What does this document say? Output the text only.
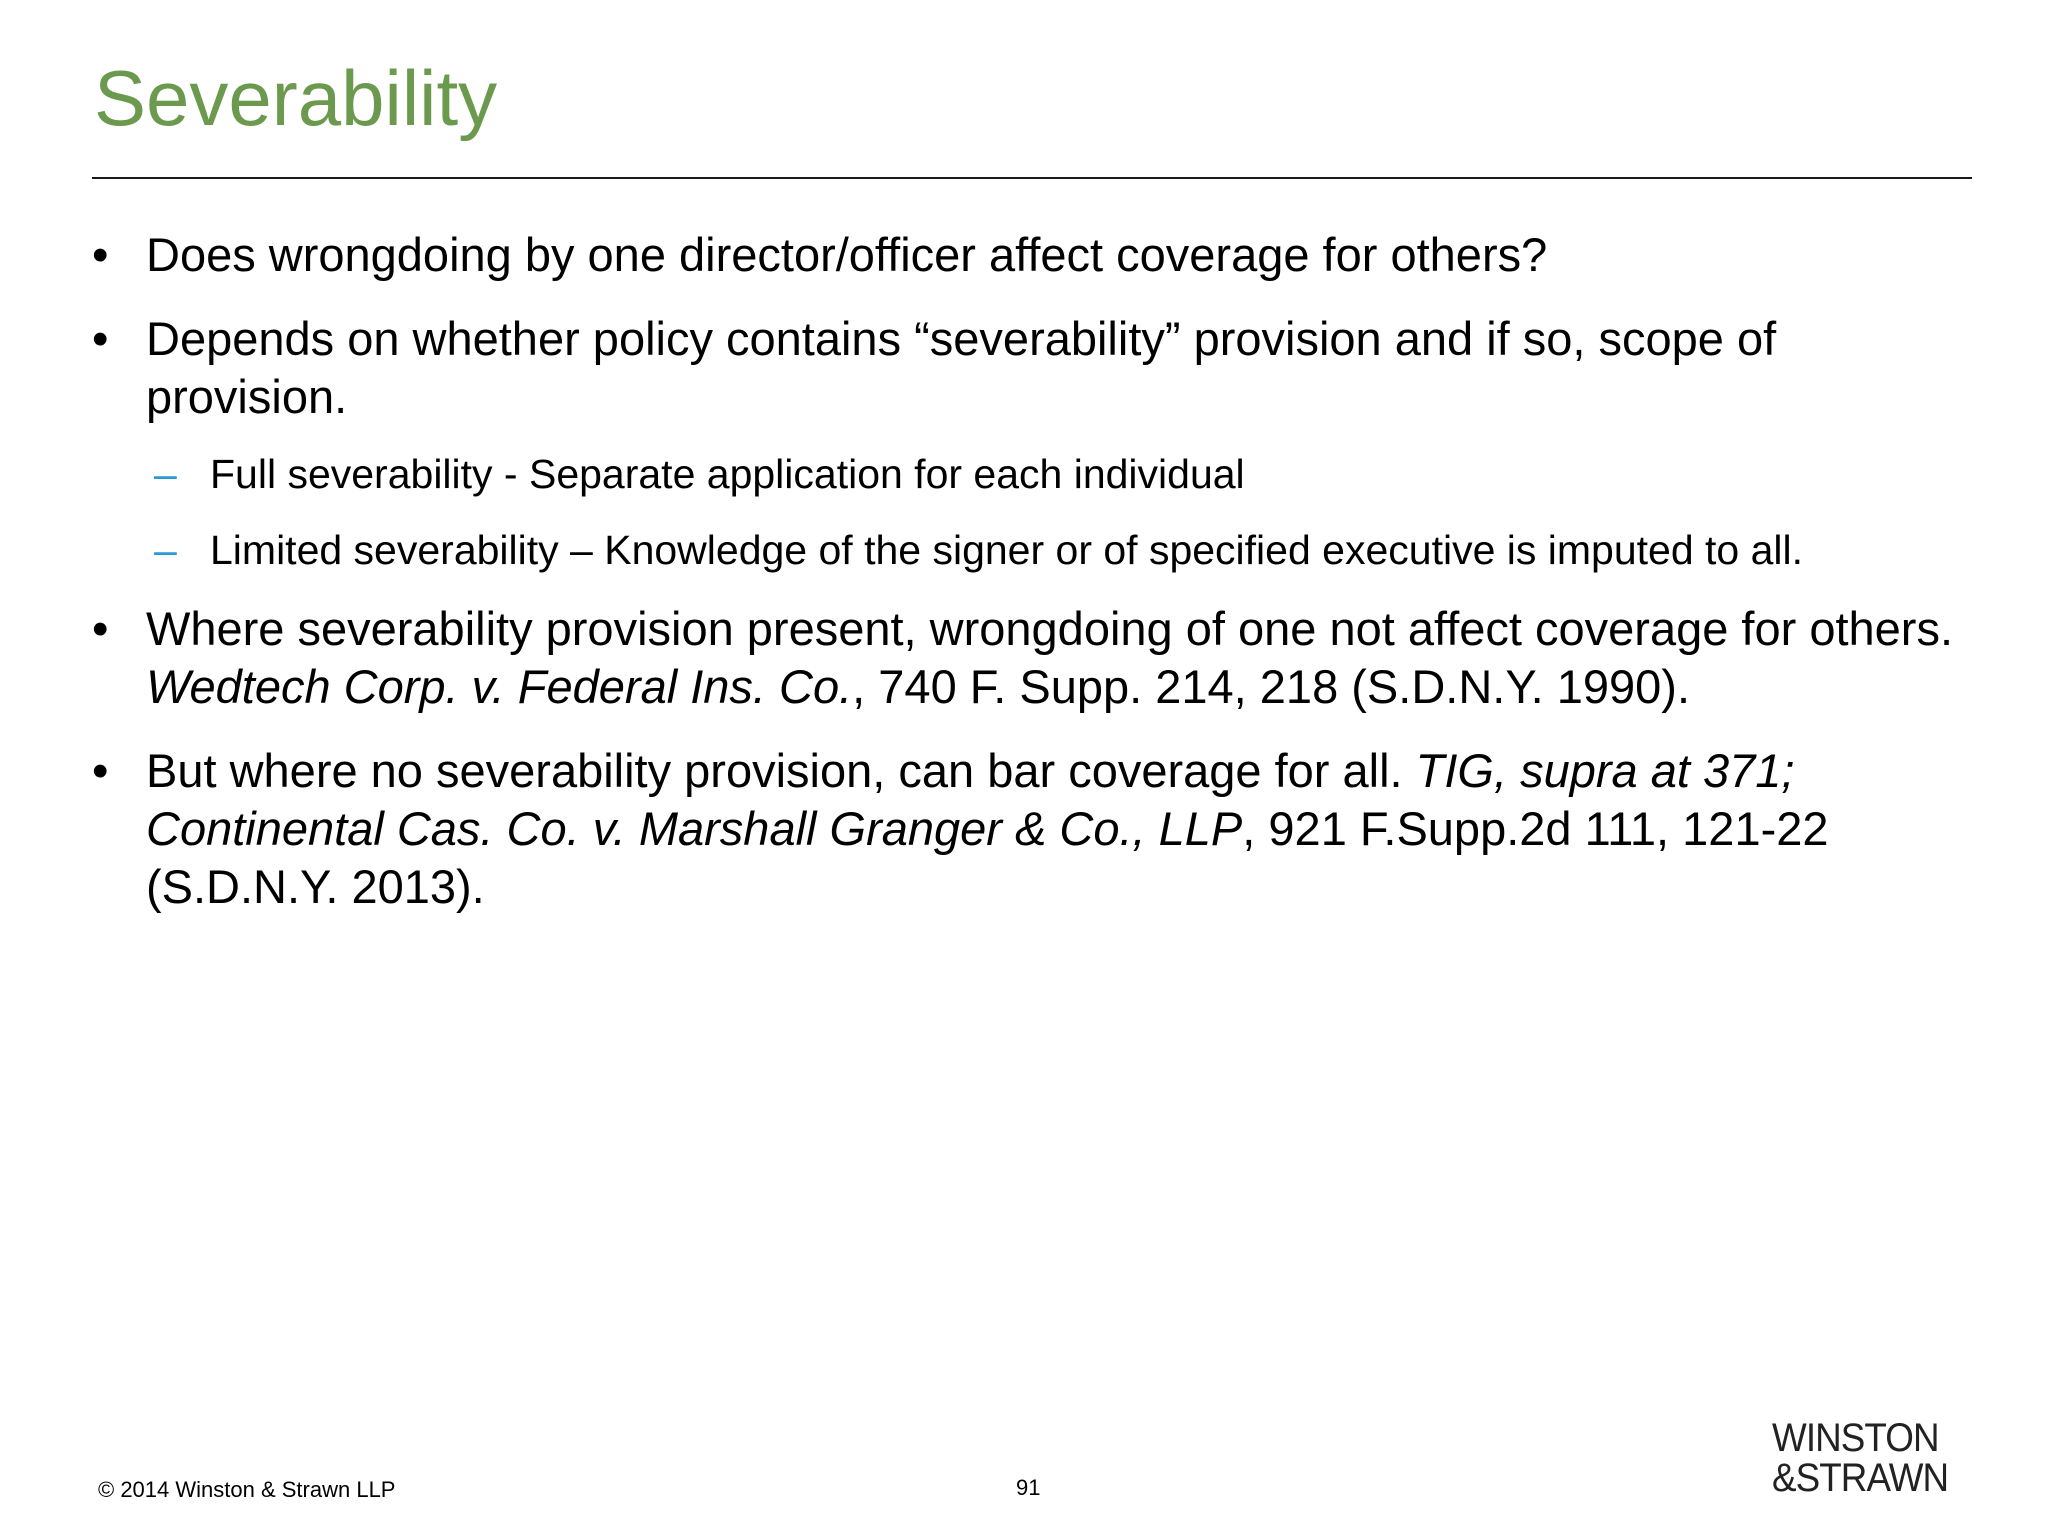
Severability
• Does wrongdoing by one director/officer affect coverage for others?
• Depends on whether policy contains “severability” provision and if so, scope of provision.
– Full severability - Separate application for each individual
– Limited severability – Knowledge of the signer or of specified executive is imputed to all.
• Where severability provision present, wrongdoing of one not affect coverage for others. Wedtech Corp. v. Federal Ins. Co., 740 F. Supp. 214, 218 (S.D.N.Y. 1990).
• But where no severability provision, can bar coverage for all. TIG, supra at 371; Continental Cas. Co. v. Marshall Granger & Co., LLP, 921 F.Supp.2d 111, 121-22 (S.D.N.Y. 2013).
© 2014 Winston & Strawn LLP	91
WINSTON
&STRAWN
